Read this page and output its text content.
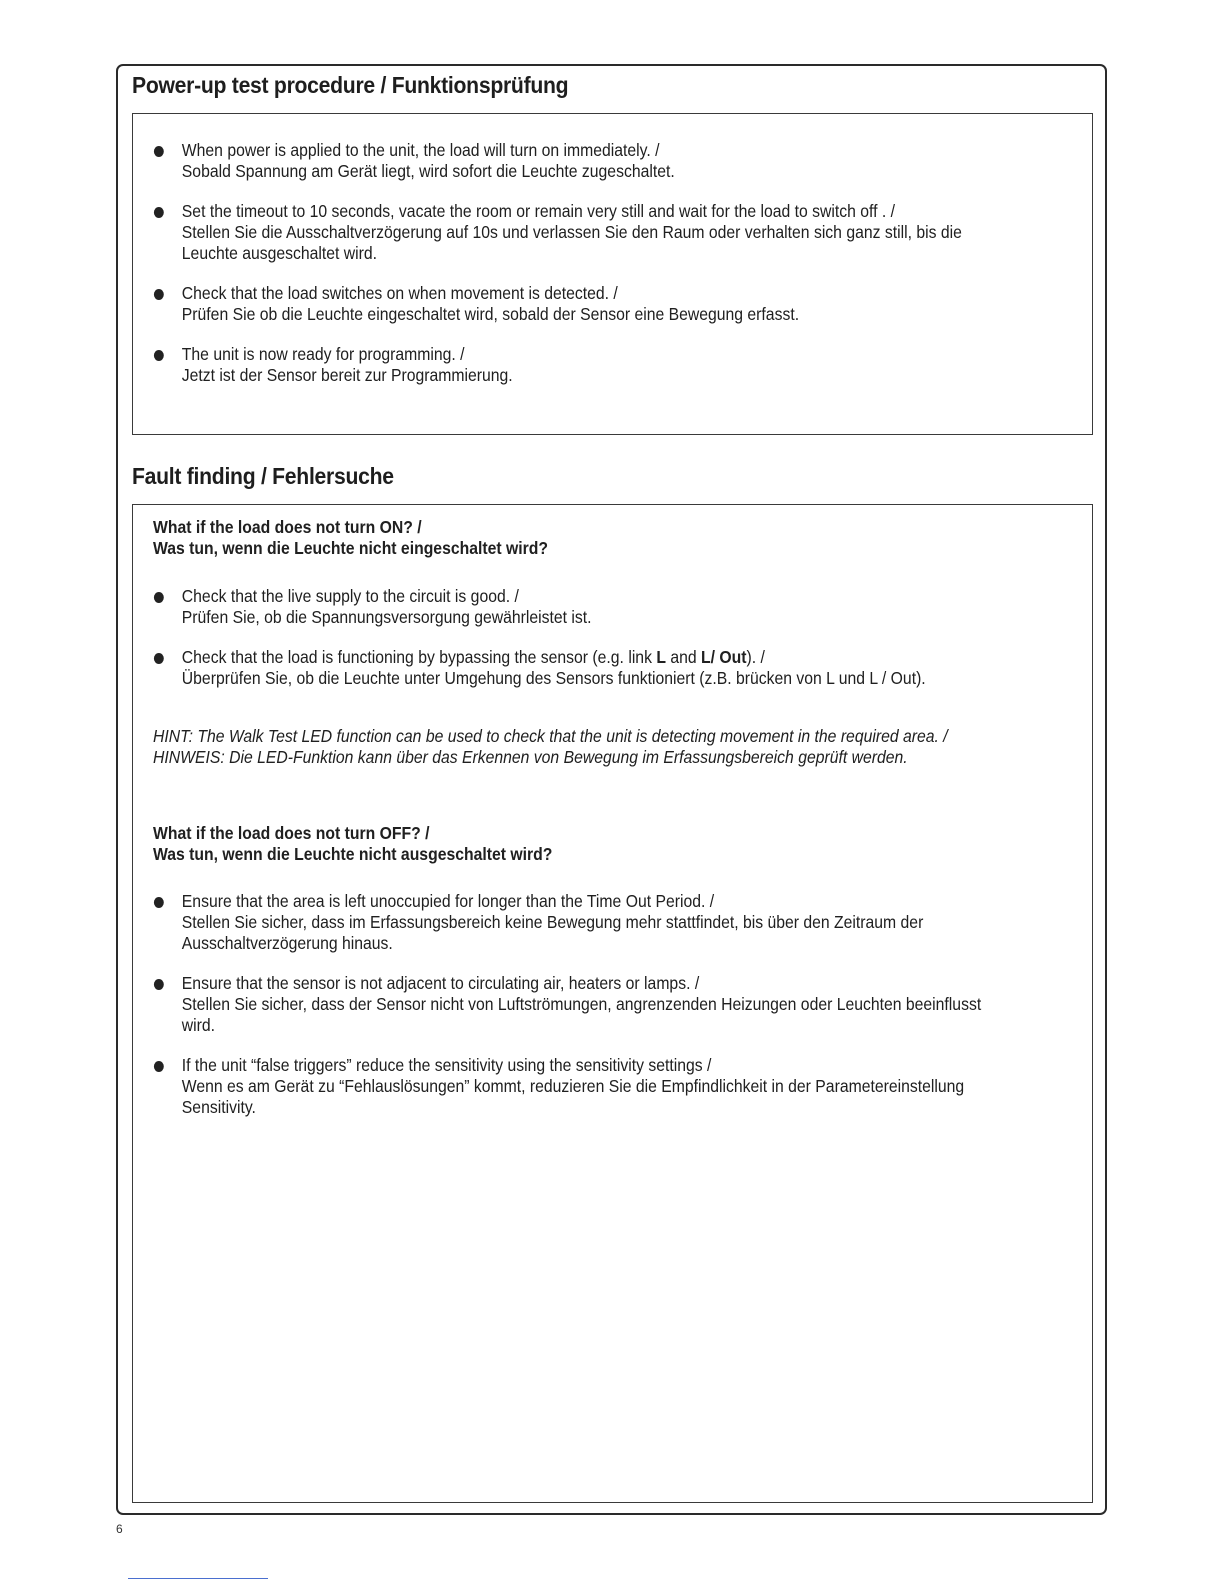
Power-up test procedure / Funktionsprüfung
When power is applied to the unit, the load will turn on immediately. /
Sobald Spannung am Gerät liegt, wird sofort die Leuchte zugeschaltet.
Set the timeout to 10 seconds, vacate the room or remain very still and wait for the load to switch off . /
Stellen Sie die Ausschaltverzögerung auf 10s und verlassen Sie den Raum oder verhalten sich ganz still, bis die
Leuchte ausgeschaltet wird.
Check that the load switches on when movement is detected. /
Prüfen Sie ob die Leuchte eingeschaltet wird, sobald der Sensor eine Bewegung erfasst.
The unit is now ready for programming. /
Jetzt ist der Sensor bereit zur Programmierung.
Fault finding / Fehlersuche
What if the load does not turn ON? /
Was tun, wenn die Leuchte nicht eingeschaltet wird?
Check that the live supply to the circuit is good. /
Prüfen Sie, ob die Spannungsversorgung gewährleistet ist.
Check that the load is functioning by bypassing the sensor (e.g. link L and L/ Out). /
Überprüfen Sie, ob die Leuchte unter Umgehung des Sensors funktioniert (z.B. brücken von L und L / Out).
HINT: The Walk Test LED function can be used to check that the unit is detecting movement in the required area. /
HINWEIS: Die LED-Funktion kann über das Erkennen von Bewegung im Erfassungsbereich geprüft werden.
What if the load does not turn OFF? /
Was tun, wenn die Leuchte nicht ausgeschaltet wird?
Ensure that the area is left unoccupied for longer than the Time Out Period. /
Stellen Sie sicher, dass im Erfassungsbereich keine Bewegung mehr stattfindet, bis über den Zeitraum der
Ausschaltverzögerung hinaus.
Ensure that the sensor is not adjacent to circulating air, heaters or lamps. /
Stellen Sie sicher, dass der Sensor nicht von Luftströmungen, angrenzenden Heizungen oder Leuchten beeinflusst
wird.
If the unit “false triggers” reduce the sensitivity using the sensitivity settings /
Wenn es am Gerät zu “Fehlauslösungen” kommt, reduzieren Sie die Empfindlichkeit in der Parametereinstellung
Sensitivity.
6
